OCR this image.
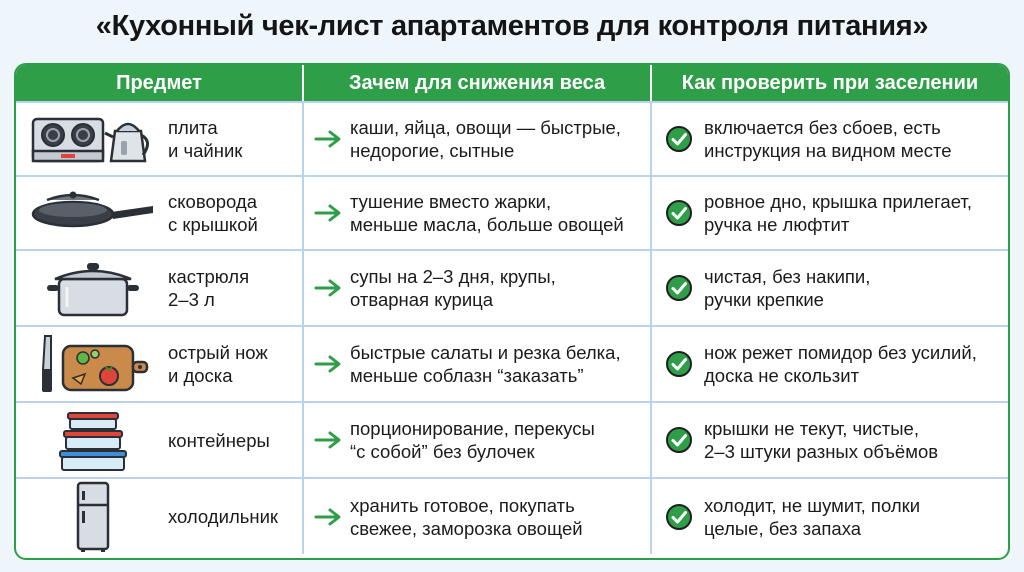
«Кухонный чек-лист апартаментов для контроля питания»
Предмет	Зачем для снижения веса	Как проверить при заселении
плита
и чайник
каши, яйца, овощи — быстрые,
недорогие, сытные
включается без сбоев, есть
инструкция на видном месте
сковорода
с крышкой
тушение вместо жарки,
меньше масла, больше овощей
ровное дно, крышка прилегает,
ручка не люфтит
кастрюля
2–3 л
супы на 2–3 дня, крупы,
отварная курица
чистая, без накипи,
ручки крепкие
острый нож
и доска
быстрые салаты и резка белка,
меньше соблазн “заказать”
нож режет помидор без усилий,
доска не скользит
контейнеры
порционирование, перекусы
“с собой” без булочек
крышки не текут, чистые,
2–3 штуки разных объёмов
холодильник
хранить готовое, покупать
свежее, заморозка овощей
холодит, не шумит, полки
целые, без запаха
